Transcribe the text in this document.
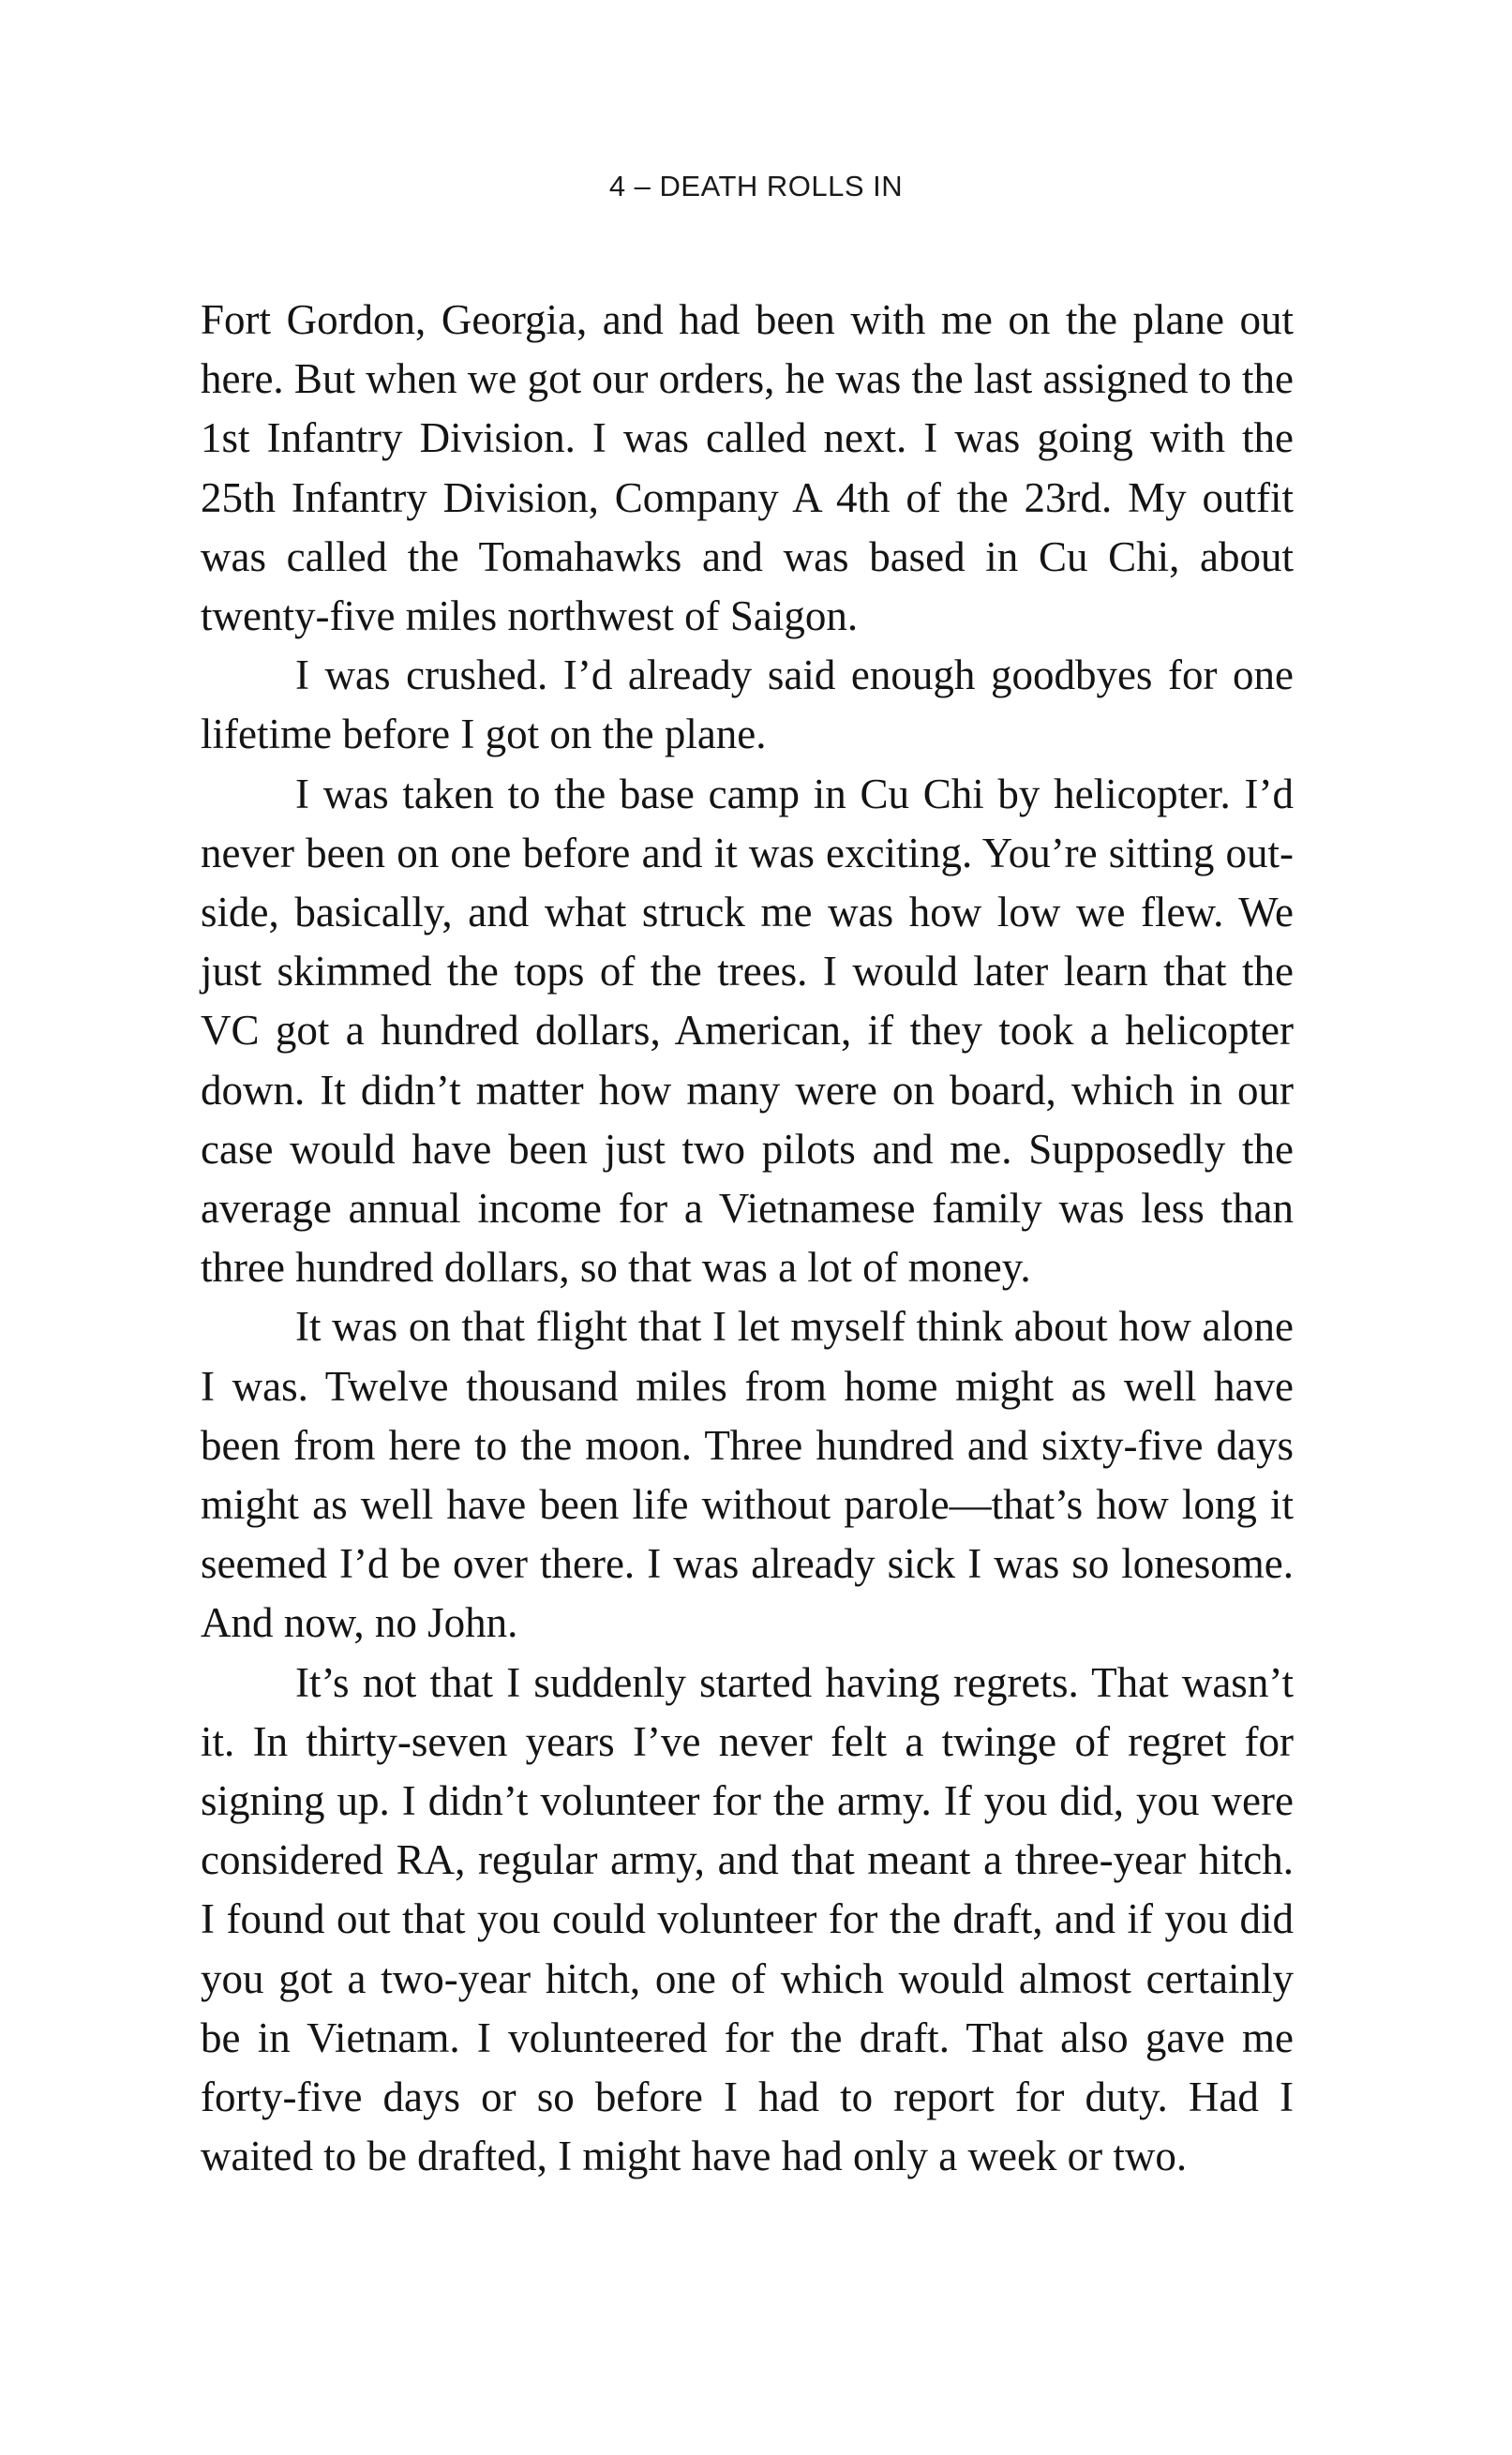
4 – DEATH ROLLS IN

Fort Gordon, Georgia, and had been with me on the plane out here. But when we got our orders, he was the last assigned to the 1st Infantry Division. I was called next. I was going with the 25th Infantry Division, Company A 4th of the 23rd. My outfit was called the Tomahawks and was based in Cu Chi, about twenty-five miles northwest of Saigon.

I was crushed. I’d already said enough goodbyes for one lifetime before I got on the plane.

I was taken to the base camp in Cu Chi by helicopter. I’d never been on one before and it was exciting. You’re sitting outside, basically, and what struck me was how low we flew. We just skimmed the tops of the trees. I would later learn that the VC got a hundred dollars, American, if they took a helicopter down. It didn’t matter how many were on board, which in our case would have been just two pilots and me. Supposedly the average annual income for a Vietnamese family was less than three hundred dollars, so that was a lot of money.

It was on that flight that I let myself think about how alone I was. Twelve thousand miles from home might as well have been from here to the moon. Three hundred and sixty-five days might as well have been life without parole—that’s how long it seemed I’d be over there. I was already sick I was so lonesome. And now, no John.

It’s not that I suddenly started having regrets. That wasn’t it. In thirty-seven years I’ve never felt a twinge of regret for signing up. I didn’t volunteer for the army. If you did, you were considered RA, regular army, and that meant a three-year hitch. I found out that you could volunteer for the draft, and if you did you got a two-year hitch, one of which would almost certainly be in Vietnam. I volunteered for the draft. That also gave me forty-five days or so before I had to report for duty. Had I waited to be drafted, I might have had only a week or two.
